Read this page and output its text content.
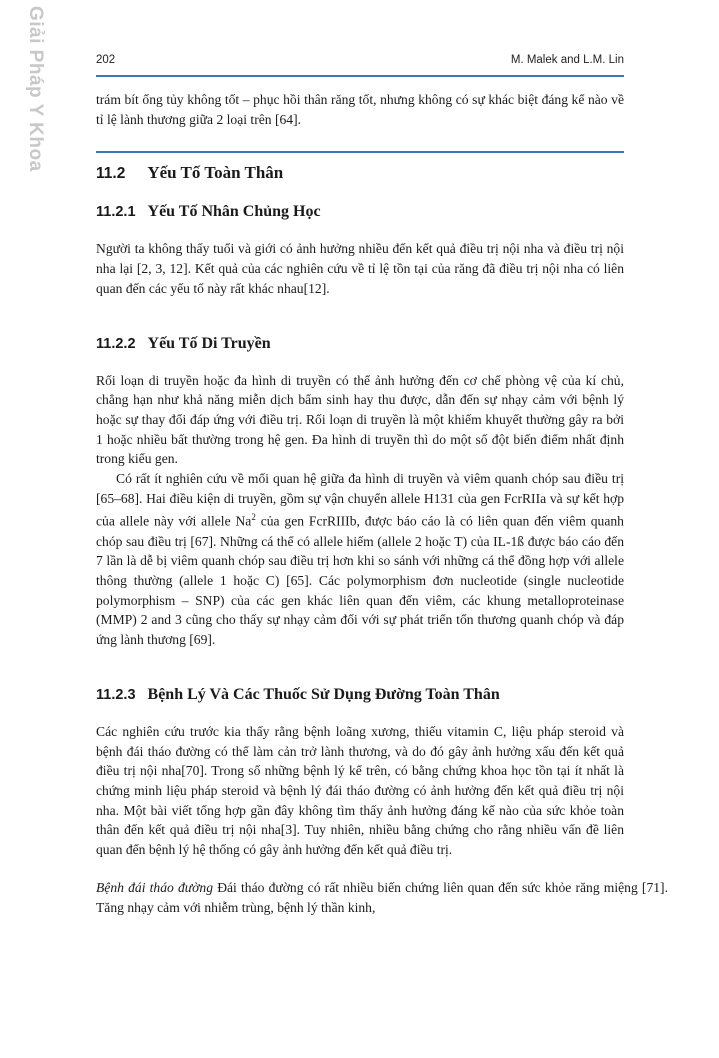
Giải Pháp Y Khoa	202	M. Malek and L.M. Lin

trám bít ống tủy không tốt – phục hồi thân răng tốt, nhưng không có sự khác biệt đáng kể nào về tỉ lệ lành thương giữa 2 loại trên [64].

11.2 Yếu Tố Toàn Thân
11.2.1 Yếu Tố Nhân Chủng Học

Người ta không thấy tuổi và giới có ảnh hưởng nhiều đến kết quả điều trị nội nha và điều trị nội nha lại [2, 3, 12]. Kết quả của các nghiên cứu về tỉ lệ tồn tại của răng đã điều trị nội nha có liên quan đến các yếu tố này rất khác nhau[12].

11.2.2 Yếu Tố Di Truyền

Rối loạn di truyền hoặc đa hình di truyền có thể ảnh hưởng đến cơ chế phòng vệ của kí chủ, chẳng hạn như khả năng miễn dịch bẩm sinh hay thu được, dẫn đến sự nhạy cảm với bệnh lý hoặc sự thay đổi đáp ứng với điều trị. Rối loạn di truyền là một khiếm khuyết thường gây ra bởi 1 hoặc nhiều bất thường trong hệ gen. Đa hình di truyền thì do một số đột biến điểm nhất định trong kiểu gen.

Có rất ít nghiên cứu về mối quan hệ giữa đa hình di truyền và viêm quanh chóp sau điều trị [65–68]. Hai điều kiện di truyền, gồm sự vận chuyển allele H131 của gen FcrRIIa và sự kết hợp của allele này với allele Na$^2$ của gen FcrRIIIb, được báo cáo là có liên quan đến viêm quanh chóp sau điều trị [67]. Những cá thể có allele hiếm (allele 2 hoặc T) của IL-1ß được báo cáo đến 7 lần là dễ bị viêm quanh chóp sau điều trị hơn khi so sánh với những cá thể đồng hợp với allele thông thường (allele 1 hoặc C) [65]. Các polymorphism đơn nucleotide (single nucleotide polymorphism – SNP) của các gen khác liên quan đến viêm, các khung metalloproteinase (MMP) 2 and 3 cũng cho thấy sự nhạy cảm đối với sự phát triển tổn thương quanh chóp và đáp ứng lành thương [69].

11.2.3 Bệnh Lý Và Các Thuốc Sử Dụng Đường Toàn Thân

Các nghiên cứu trước kia thấy rằng bệnh loãng xương, thiếu vitamin C, liệu pháp steroid và bệnh đái tháo đường có thể làm cản trở lành thương, và do đó gây ảnh hưởng xấu đến kết quả điều trị nội nha[70]. Trong số những bệnh lý kể trên, có bằng chứng khoa học tồn tại ít nhất là chứng minh liệu pháp steroid và bệnh lý đái tháo đường có ảnh hưởng đến kết quả điều trị nội nha. Một bài viết tổng hợp gần đây không tìm thấy ảnh hưởng đáng kể nào của sức khỏe toàn thân đến kết quả điều trị nội nha[3]. Tuy nhiên, nhiều bằng chứng cho rằng nhiều vấn đề liên quan đến bệnh lý hệ thống có gây ảnh hưởng đến kết quả điều trị.

Bệnh đái tháo đường Đái tháo đường có rất nhiều biến chứng liên quan đến sức khỏe răng miệng [71]. Tăng nhạy cảm với nhiễm trùng, bệnh lý thần kinh,
